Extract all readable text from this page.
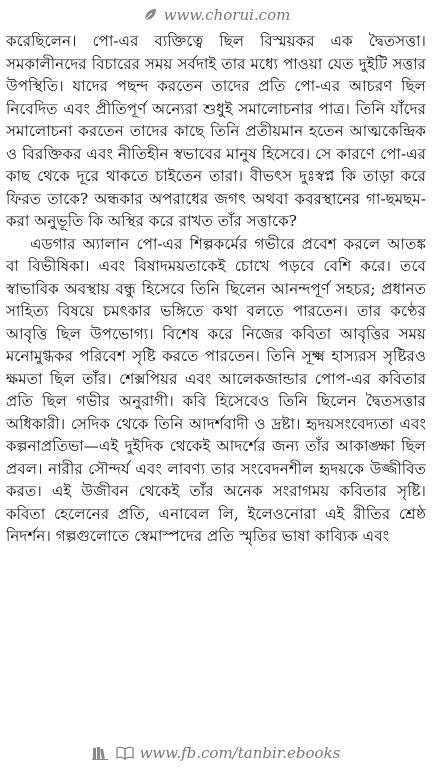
www.chorui.com

করেছিলেন। পো-এর ব্যক্তিত্বে ছিল বিস্ময়কর এক দ্বৈতসত্তা। সমকালীনদের বিচারের সময় সর্বদাই তার মধ্যে পাওয়া যেত দুইটি সত্তার উপস্থিতি। যাদের পছন্দ করতেন তাদের প্রতি পো-এর আচরণ ছিল নিবেদিত এবং প্রীতিপূর্ণ অন্যেরা শুধুই সমালোচনার পাত্র। তিনি যাঁদের সমালোচনা করতেন তাদের কাছে তিনি প্রতীয়মান হতেন আত্মকেন্দ্রিক ও বিরক্তিকর এবং নীতিহীন স্বভাবের মানুষ হিসেবে। সে কারণে পো-এর কাছ থেকে দূরে থাকতে চাইতেন তারা। বীভৎস দুঃস্বপ্ন কি তাড়া করে ফিরত তাকে? অন্ধকার অপরাধের জগৎ অথবা কবরস্থানের গা-ছমছম-করা অনুভূতি কি অস্থির করে রাখত তাঁর সত্তাকে?

এডগার অ্যালান পো-এর শিল্পকর্মের গভীরে প্রবেশ করলে আতঙ্ক বা বিভীষিকা। এবং বিষাদময়তাকেই চোখে পড়বে বেশি করে। তবে স্বাভাবিক অবস্থায় বন্ধু হিসেবে তিনি ছিলেন আনন্দপূর্ণ সহচর; প্রধানত সাহিত্য বিষয়ে চমৎকার ভঙ্গিতে কথা বলতে পারতেন। তার কণ্ঠের আবৃত্তি ছিল উপভোগ্য। বিশেষ করে নিজের কবিতা আবৃত্তির সময় মনোমুগ্ধকর পরিবেশ সৃষ্টি করতে পারতেন। তিনি সূক্ষ্ম হাস্যরস সৃষ্টিরও ক্ষমতা ছিল তাঁর। শেক্সপিয়র এবং আলেকজান্ডার পোপ-এর কবিতার প্রতি ছিল গভীর অনুরাগী। কবি হিসেবেও তিনি ছিলেন দ্বৈতসত্তার অধিকারী। সেদিক থেকে তিনি আদর্শবাদী ও দ্রষ্টা। হৃদয়সংবেদ্যতা এবং কল্পনাপ্রতিভা—এই দুইদিক থেকেই আদর্শের জন্য তাঁর আকাঙ্ক্ষা ছিল প্রবল। নারীর সৌন্দর্য এবং লাবণ্য তার সংবেদনশীল হৃদয়কে উজ্জীবিত করত। এই উজীবন থেকেই তাঁর অনেক সংরাগময় কবিতার সৃষ্টি। কবিতা হেলেনের প্রতি, এনাবেল লি, ইলেওনোরা এই রীতির শ্রেষ্ঠ নিদর্শন। গল্পগুলোতে স্বেমাস্পদের প্রতি স্মৃতির ভাষা কাব্যিক এবং

www.fb.com/tanbir.ebooks
